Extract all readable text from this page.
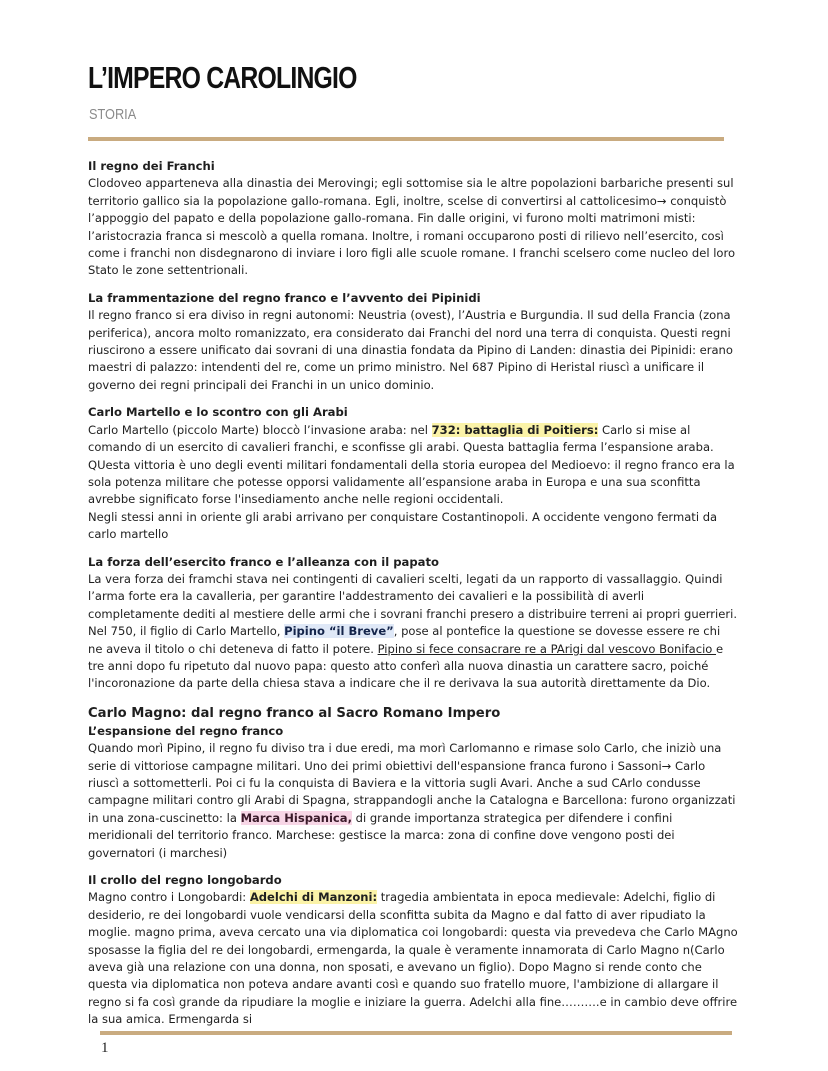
L’IMPERO CAROLINGIO
STORIA
Il regno dei Franchi

Clodoveo apparteneva alla dinastia dei Merovingi; egli sottomise sia le altre popolazioni barbariche presenti sul territorio gallico sia la popolazione gallo-romana. Egli, inoltre, scelse di convertirsi al cattolicesimo→ conquistò l’appoggio del papato e della popolazione gallo-romana. Fin dalle origini, vi furono molti matrimoni misti: l’aristocrazia franca si mescolò a quella romana. Inoltre, i romani occuparono posti di rilievo nell’esercito, così come i franchi non disdegnarono di inviare i loro figli alle scuole romane. I franchi scelsero come nucleo del loro Stato le zone settentrionali.

La frammentazione del regno franco e l’avvento dei Pipinidi

Il regno franco si era diviso in regni autonomi: Neustria (ovest), l’Austria e Burgundia. Il sud della Francia (zona periferica), ancora molto romanizzato, era considerato dai Franchi del nord una terra di conquista. Questi regni riuscirono a essere unificato dai sovrani di una dinastia fondata da Pipino di Landen: dinastia dei Pipinidi: erano maestri di palazzo: intendenti del re, come un primo ministro. Nel 687 Pipino di Heristal riuscì a unificare il governo dei regni principali dei Franchi in un unico dominio.

Carlo Martello e lo scontro con gli Arabi

Carlo Martello (piccolo Marte) bloccò l’invasione araba: nel 732: battaglia di Poitiers: Carlo si mise al comando di un esercito di cavalieri franchi, e sconfisse gli arabi. Questa battaglia ferma l’espansione araba. QUesta vittoria è uno degli eventi militari fondamentali della storia europea del Medioevo: il regno franco era la sola potenza militare che potesse opporsi validamente all’espansione araba in Europa e una sua sconfitta avrebbe significato forse l'insediamento anche nelle regioni occidentali.

Negli stessi anni in oriente gli arabi arrivano per conquistare Costantinopoli. A occidente vengono fermati da carlo martello

La forza dell’esercito franco e l’alleanza con il papato

La vera forza dei framchi stava nei contingenti di cavalieri scelti, legati da un rapporto di vassallaggio. Quindi l’arma forte era la cavalleria, per garantire l'addestramento dei cavalieri e la possibilità di averli completamente dediti al mestiere delle armi che i sovrani franchi presero a distribuire terreni ai propri guerrieri.

Nel 750, il figlio di Carlo Martello, Pipino “il Breve”, pose al pontefice la questione se dovesse essere re chi ne aveva il titolo o chi deteneva di fatto il potere. Pipino si fece consacrare re a PArigi dal vescovo Bonifacio e tre anni dopo fu ripetuto dal nuovo papa: questo atto conferì alla nuova dinastia un carattere sacro, poiché l'incoronazione da parte della chiesa stava a indicare che il re derivava la sua autorità direttamente da Dio.

Carlo Magno: dal regno franco al Sacro Romano Impero
L’espansione del regno franco

Quando morì Pipino, il regno fu diviso tra i due eredi, ma morì Carlomanno e rimase solo Carlo, che iniziò una serie di vittoriose campagne militari. Uno dei primi obiettivi dell'espansione franca furono i Sassoni→ Carlo riuscì a sottometterli. Poi ci fu la conquista di Baviera e la vittoria sugli Avari. Anche a sud CArlo condusse campagne militari contro gli Arabi di Spagna, strappandogli anche la Catalogna e Barcellona: furono organizzati in una zona-cuscinetto: la Marca Hispanica, di grande importanza strategica per difendere i confini meridionali del territorio franco. Marchese: gestisce la marca: zona di confine dove vengono posti dei governatori (i marchesi)

Il crollo del regno longobardo

Magno contro i Longobardi: Adelchi di Manzoni: tragedia ambientata in epoca medievale: Adelchi, figlio di desiderio, re dei longobardi vuole vendicarsi della sconfitta subita da Magno e dal fatto di aver ripudiato la moglie. magno prima, aveva cercato una via diplomatica coi longobardi: questa via prevedeva che Carlo MAgno sposasse la figlia del re dei longobardi, ermengarda, la quale è veramente innamorata di Carlo Magno n(Carlo aveva già una relazione con una donna, non sposati, e avevano un figlio). Dopo Magno si rende conto che questa via diplomatica non poteva andare avanti così e quando suo fratello muore, l'ambizione di allargare il regno si fa così grande da ripudiare la moglie e iniziare la guerra. Adelchi alla fine……….e in cambio deve offrire la sua amica. Ermengarda si

1
